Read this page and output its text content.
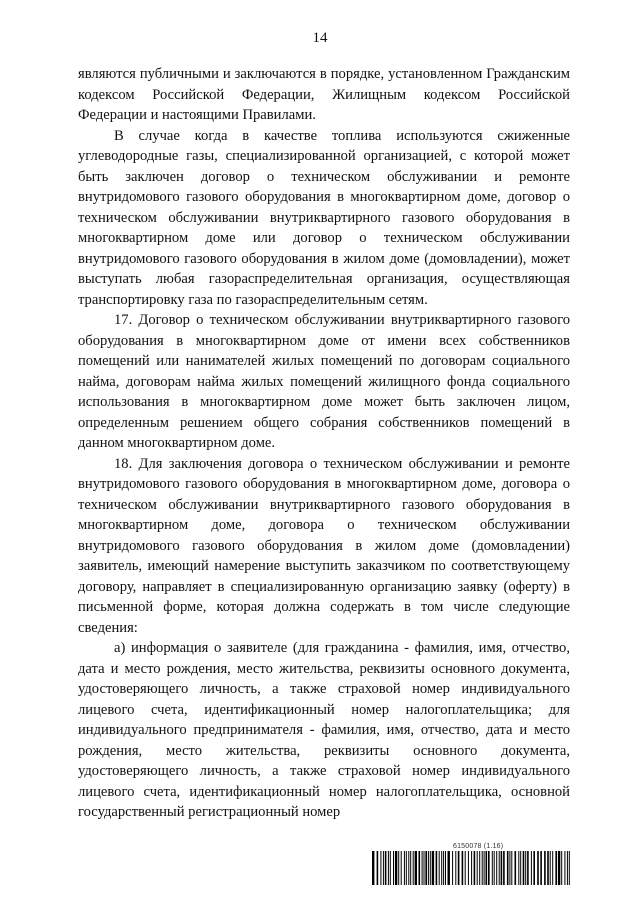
14

являются публичными и заключаются в порядке, установленном Гражданским кодексом Российской Федерации, Жилищным кодексом Российской Федерации и настоящими Правилами.

В случае когда в качестве топлива используются сжиженные углеводородные газы, специализированной организацией, с которой может быть заключен договор о техническом обслуживании и ремонте внутридомового газового оборудования в многоквартирном доме, договор о техническом обслуживании внутриквартирного газового оборудования в многоквартирном доме или договор о техническом обслуживании внутридомового газового оборудования в жилом доме (домовладении), может выступать любая газораспределительная организация, осуществляющая транспортировку газа по газораспределительным сетям.

17. Договор о техническом обслуживании внутриквартирного газового оборудования в многоквартирном доме от имени всех собственников помещений или нанимателей жилых помещений по договорам социального найма, договорам найма жилых помещений жилищного фонда социального использования в многоквартирном доме может быть заключен лицом, определенным решением общего собрания собственников помещений в данном многоквартирном доме.

18. Для заключения договора о техническом обслуживании и ремонте внутридомового газового оборудования в многоквартирном доме, договора о техническом обслуживании внутриквартирного газового оборудования в многоквартирном доме, договора о техническом обслуживании внутридомового газового оборудования в жилом доме (домовладении) заявитель, имеющий намерение выступить заказчиком по соответствующему договору, направляет в специализированную организацию заявку (оферту) в письменной форме, которая должна содержать в том числе следующие сведения:

а) информация о заявителе (для гражданина - фамилия, имя, отчество, дата и место рождения, место жительства, реквизиты основного документа, удостоверяющего личность, а также страховой номер индивидуального лицевого счета, идентификационный номер налогоплательщика; для индивидуального предпринимателя - фамилия, имя, отчество, дата и место рождения, место жительства, реквизиты основного документа, удостоверяющего личность, а также страховой номер индивидуального лицевого счета, идентификационный номер налогоплательщика, основной государственный регистрационный номер

6150078 (1.16)
